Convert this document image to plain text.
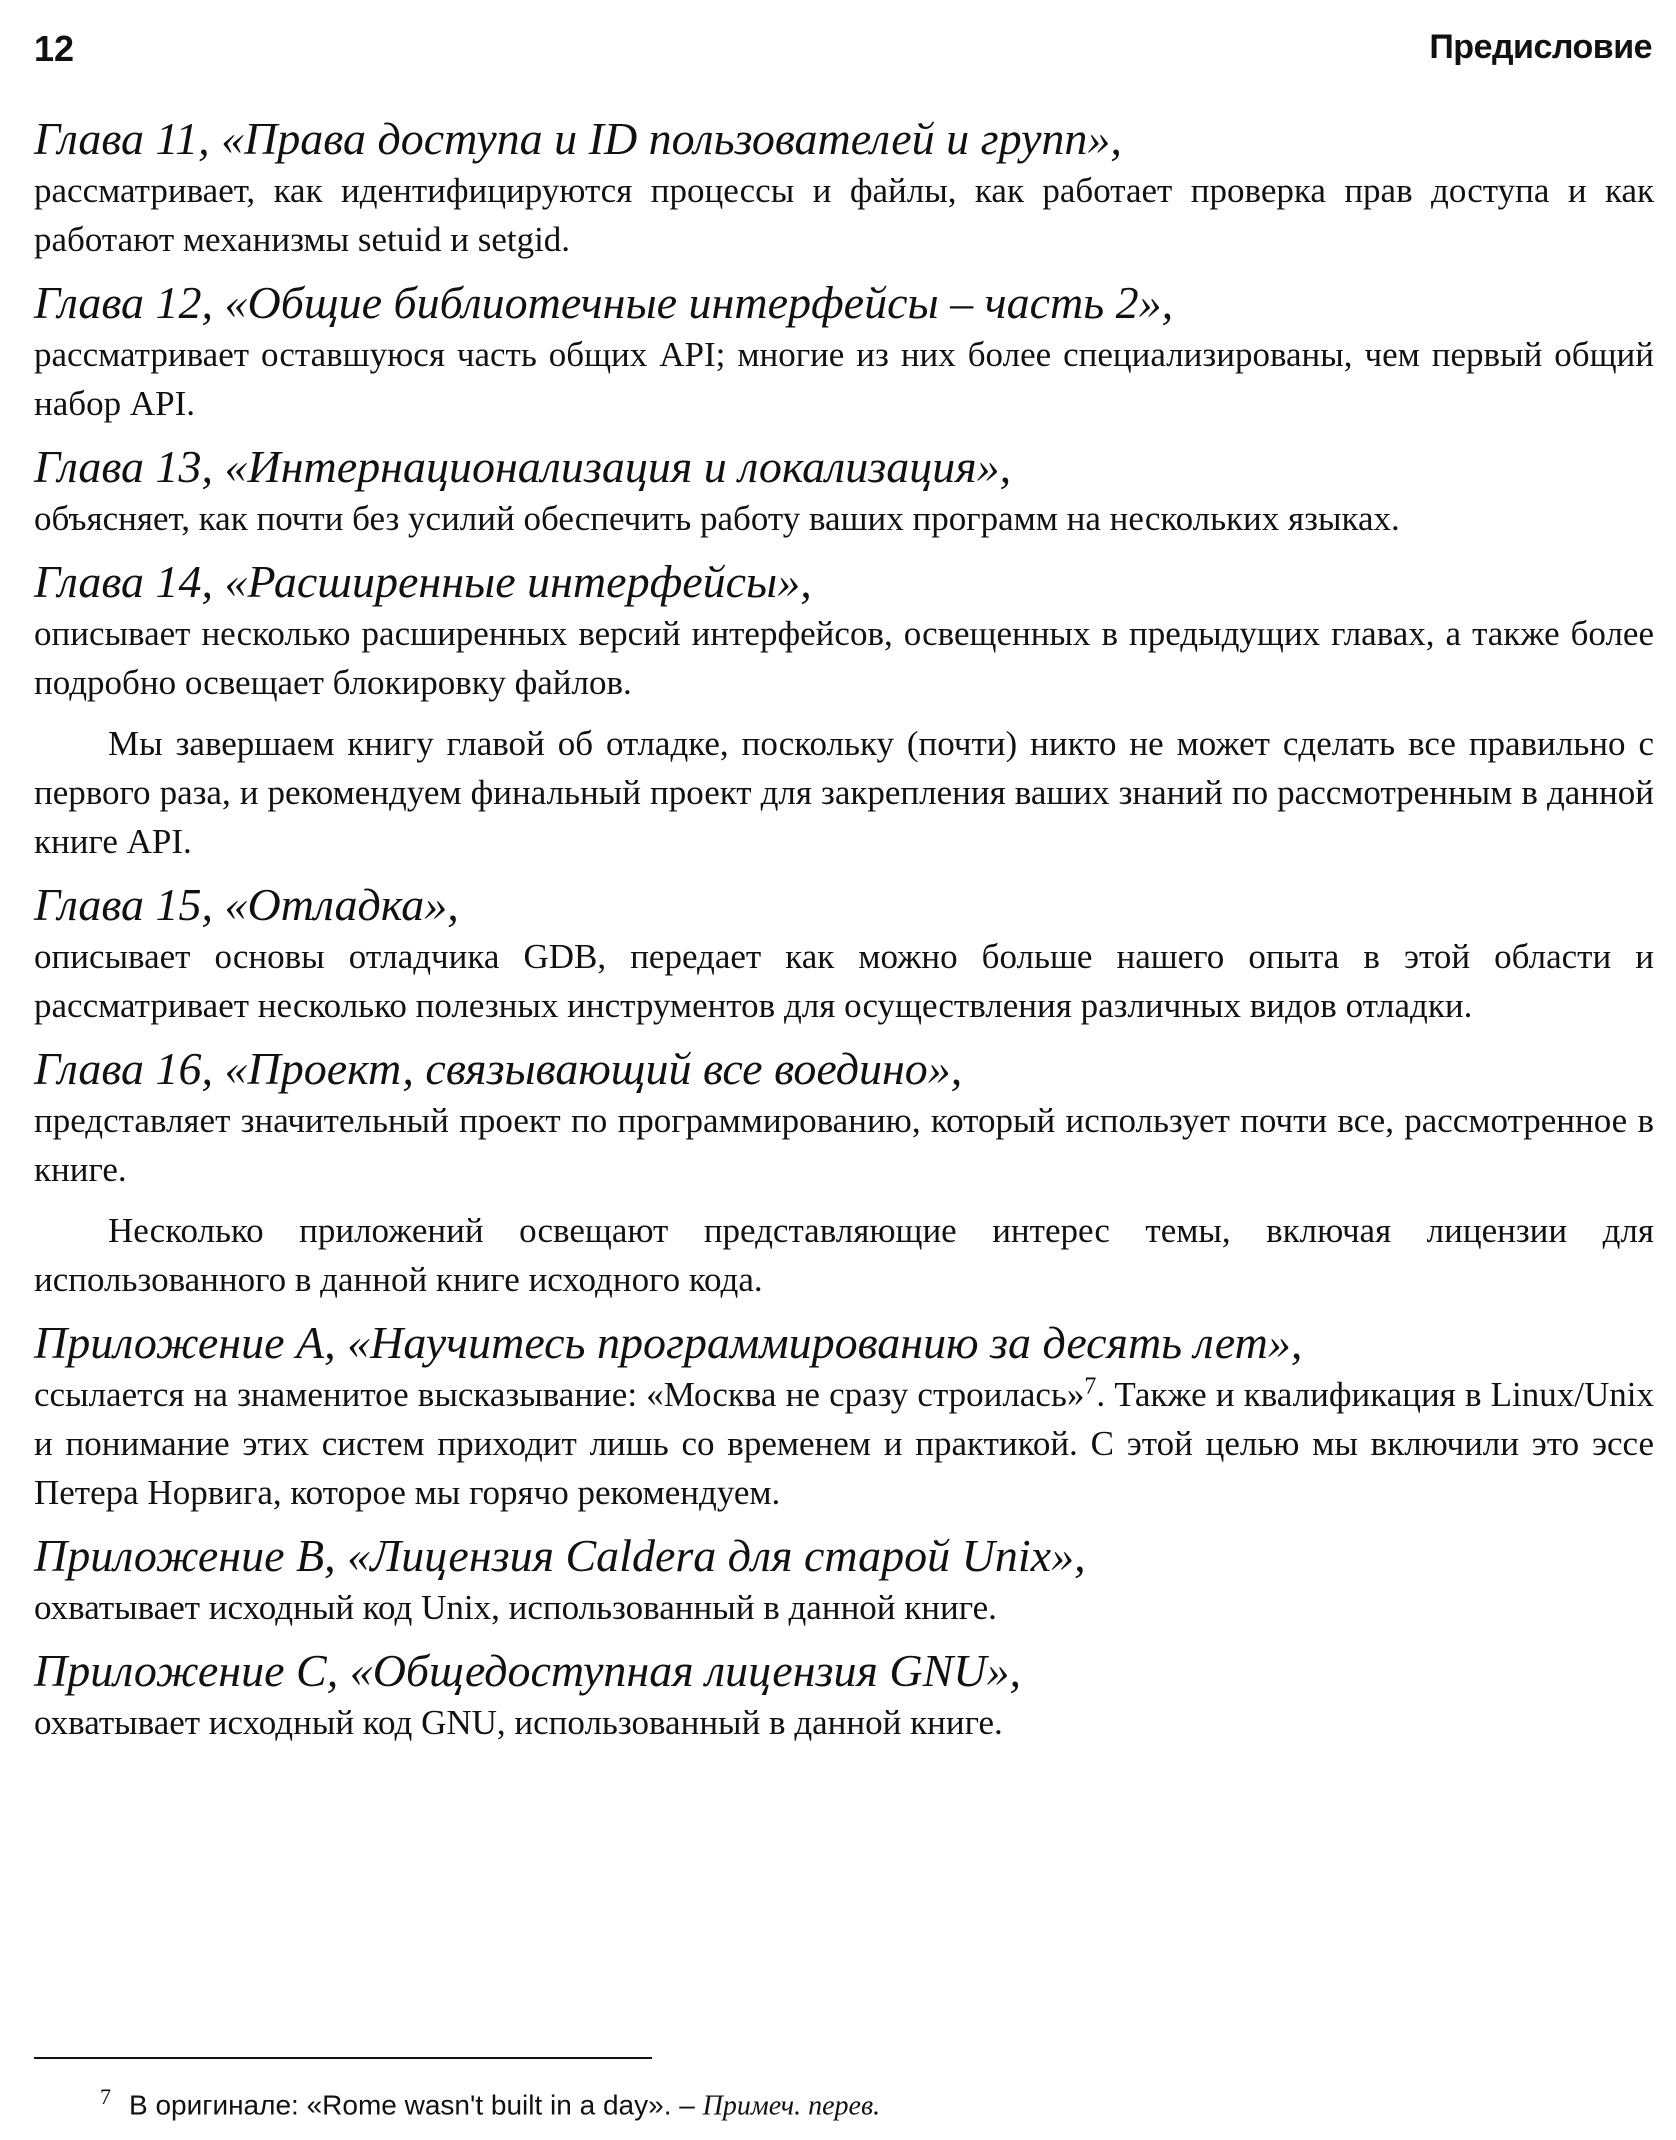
12	Предисловие

Глава 11, «Права доступа и ID пользователей и групп»,

рассматривает, как идентифицируются процессы и файлы, как работает проверка прав доступа и как работают механизмы setuid и setgid.

Глава 12, «Общие библиотечные интерфейсы – часть 2»,

рассматривает оставшуюся часть общих API; многие из них более специализированы, чем первый общий набор API.

Глава 13, «Интернационализация и локализация»,

объясняет, как почти без усилий обеспечить работу ваших программ на нескольких языках.

Глава 14, «Расширенные интерфейсы»,

описывает несколько расширенных версий интерфейсов, освещенных в предыдущих главах, а также более подробно освещает блокировку файлов.

Мы завершаем книгу главой об отладке, поскольку (почти) никто не может сделать все правильно с первого раза, и рекомендуем финальный проект для закрепления ваших знаний по рассмотренным в данной книге API.

Глава 15, «Отладка»,

описывает основы отладчика GDB, передает как можно больше нашего опыта в этой области и рассматривает несколько полезных инструментов для осуществления различных видов отладки.

Глава 16, «Проект, связывающий все воедино»,

представляет значительный проект по программированию, который использует почти все, рассмотренное в книге.

Несколько приложений освещают представляющие интерес темы, включая лицензии для использованного в данной книге исходного кода.

Приложение A, «Научитесь программированию за десять лет»,

ссылается на знаменитое высказывание: «Москва не сразу строилась»$^7$. Также и квалификация в Linux/Unix и понимание этих систем приходит лишь со временем и практикой. С этой целью мы включили это эссе Петера Норвига, которое мы горячо рекомендуем.

Приложение B, «Лицензия Caldera для старой Unix»,

охватывает исходный код Unix, использованный в данной книге.

Приложение C, «Общедоступная лицензия GNU»,

охватывает исходный код GNU, использованный в данной книге.

$^7$ В оригинале: «Rome wasn't built in a day». – Примеч. перев.
